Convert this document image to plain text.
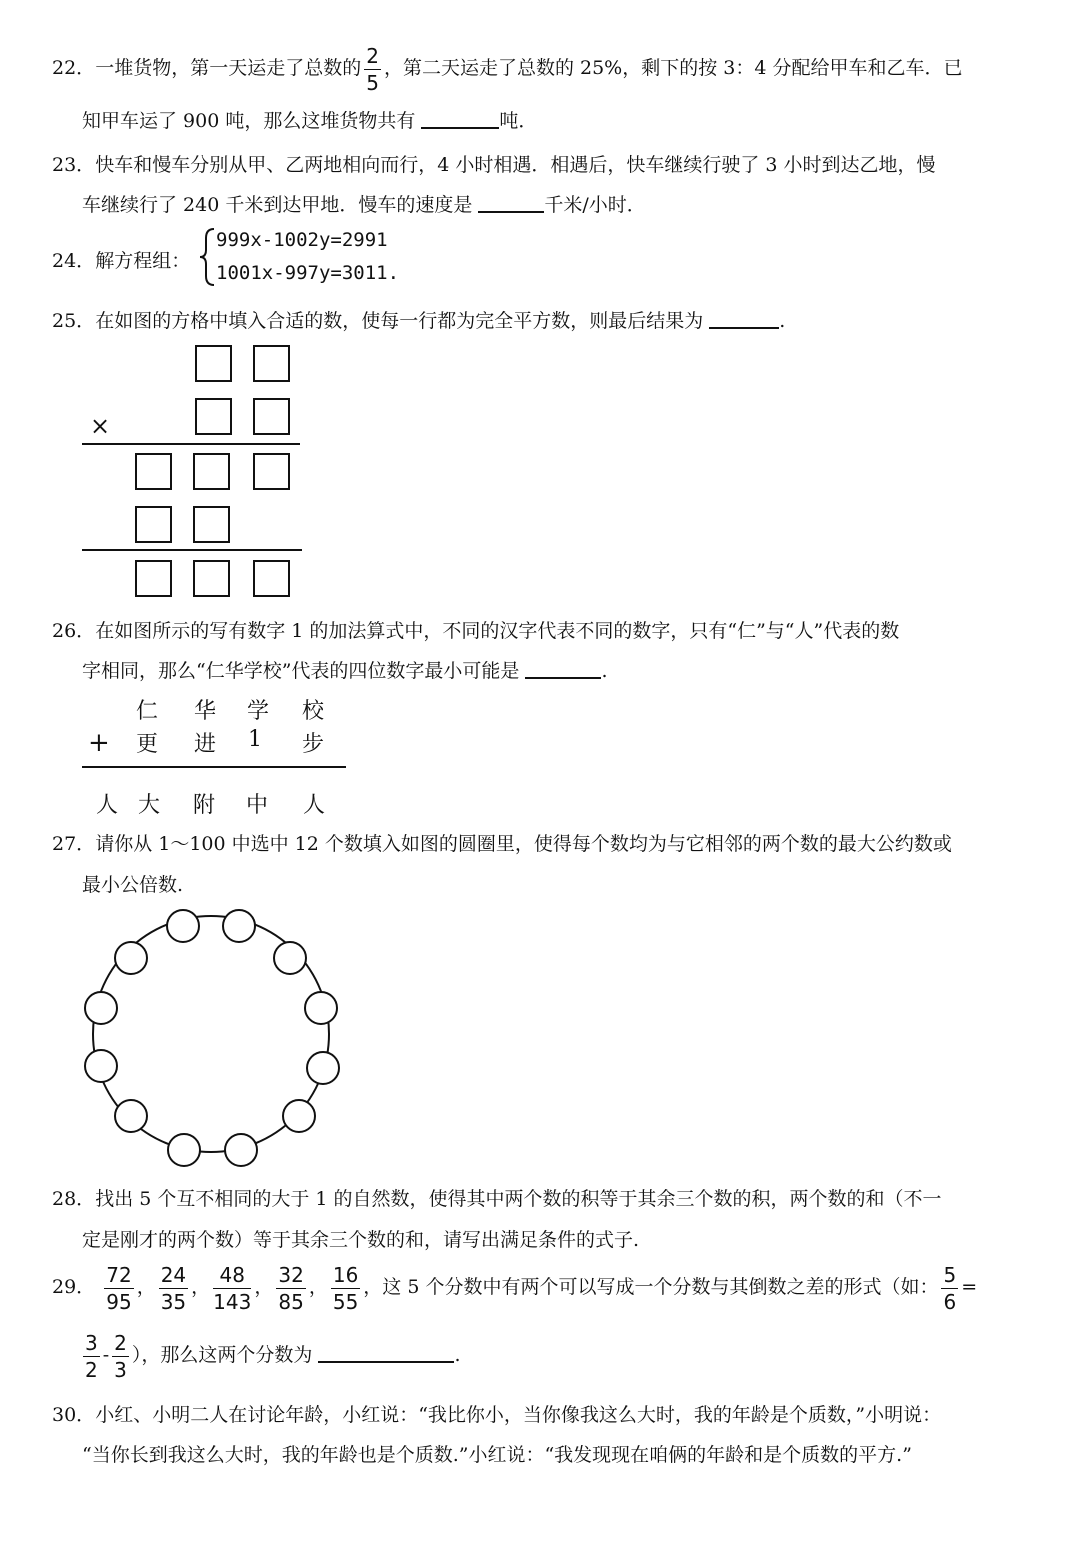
22．一堆货物，第一天运走了总数的 $\frac{2}{5}$ ，第二天运走了总数的 25%，剩下的按 3：4 分配给甲车和乙车．已
知甲车运了 900 吨，那么这堆货物共有	吨．
23．快车和慢车分别从甲、乙两地相向而行，4 小时相遇．相遇后，快车继续行驶了 3 小时到达乙地，慢
车继续行了 240 千米到达甲地．慢车的速度是	千米/小时．
24．解方程组：
999x-1002y=2991
1001x-997y=3011.
25．在如图的方格中填入合适的数，使每一行都为完全平方数，则最后结果为	.
×
26．在如图所示的写有数字 1 的加法算式中，不同的汉字代表不同的数字，只有“仁”与“人”代表的数
字相同，那么“仁华学校”代表的四位数字最小可能是	.
仁 华 学 校
+ 更 进 1 步
人 大 附 中 人
27．请你从 1～100 中选中 12 个数填入如图的圆圈里，使得每个数均为与它相邻的两个数的最大公约数或
最小公倍数.
28．找出 5 个互不相同的大于 1 的自然数，使得其中两个数的积等于其余三个数的积，两个数的和（不一
定是刚才的两个数）等于其余三个数的和，请写出满足条件的式子.
29． $\frac{72}{95}$ ， $\frac{24}{35}$ ， $\frac{48}{143}$ ， $\frac{32}{85}$ ， $\frac{16}{55}$ ，这 5 个分数中有两个可以写成一个分数与其倒数之差的形式（如： $\frac{5}{6}$ =
$\frac{3}{2} - \frac{2}{3}$ ），那么这两个分数为	.
30．小红、小明二人在讨论年龄，小红说：“我比你小，当你像我这么大时，我的年龄是个质数，”小明说：
“当你长到我这么大时，我的年龄也是个质数.”小红说：“我发现现在咱俩的年龄和是个质数的平方.”
